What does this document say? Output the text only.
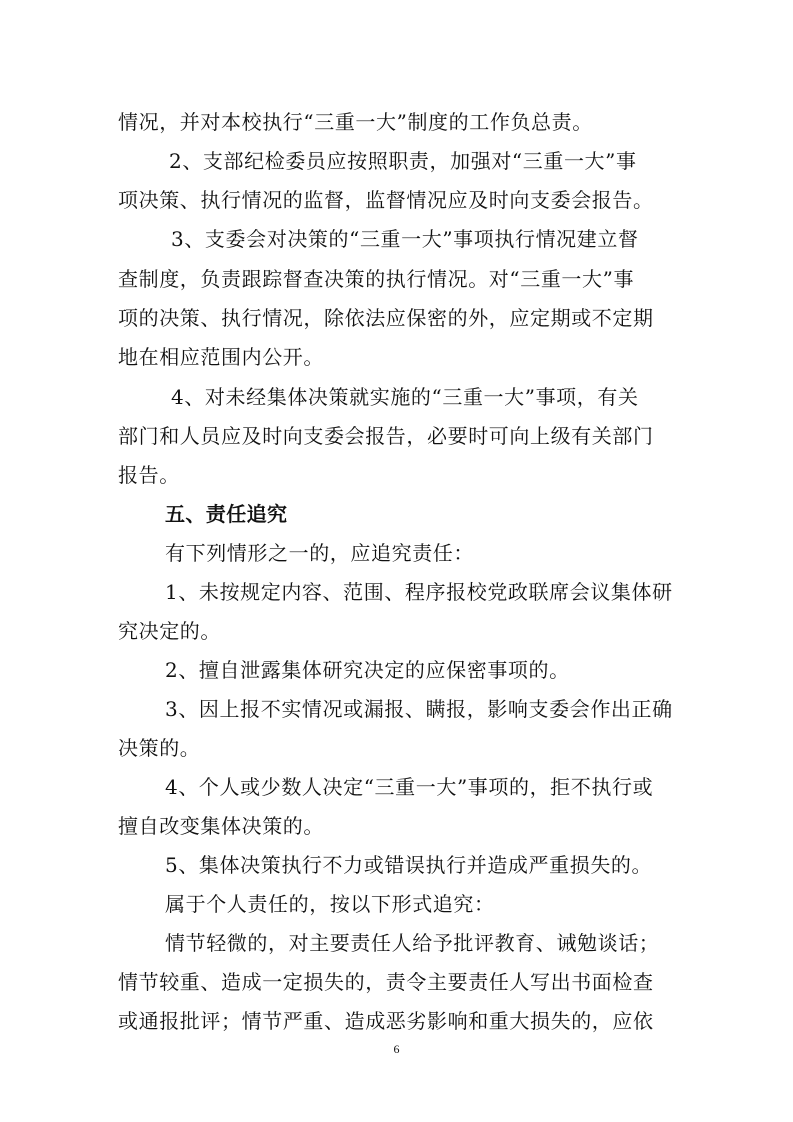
情况，并对本校执行“三重一大”制度的工作负总责。
2、支部纪检委员应按照职责，加强对“三重一大”事
项决策、执行情况的监督，监督情况应及时向支委会报告。
3、支委会对决策的“三重一大”事项执行情况建立督
查制度，负责跟踪督查决策的执行情况。对“三重一大”事
项的决策、执行情况，除依法应保密的外，应定期或不定期
地在相应范围内公开。
4、对未经集体决策就实施的“三重一大”事项，有关
部门和人员应及时向支委会报告，必要时可向上级有关部门
报告。
五、责任追究
有下列情形之一的，应追究责任：
1、未按规定内容、范围、程序报校党政联席会议集体研
究决定的。
2、擅自泄露集体研究决定的应保密事项的。
3、因上报不实情况或漏报、瞒报，影响支委会作出正确
决策的。
4、个人或少数人决定“三重一大”事项的，拒不执行或
擅自改变集体决策的。
5、集体决策执行不力或错误执行并造成严重损失的。
属于个人责任的，按以下形式追究：
情节轻微的，对主要责任人给予批评教育、诫勉谈话；
情节较重、造成一定损失的，责令主要责任人写出书面检查
或通报批评；情节严重、造成恶劣影响和重大损失的，应依
6
